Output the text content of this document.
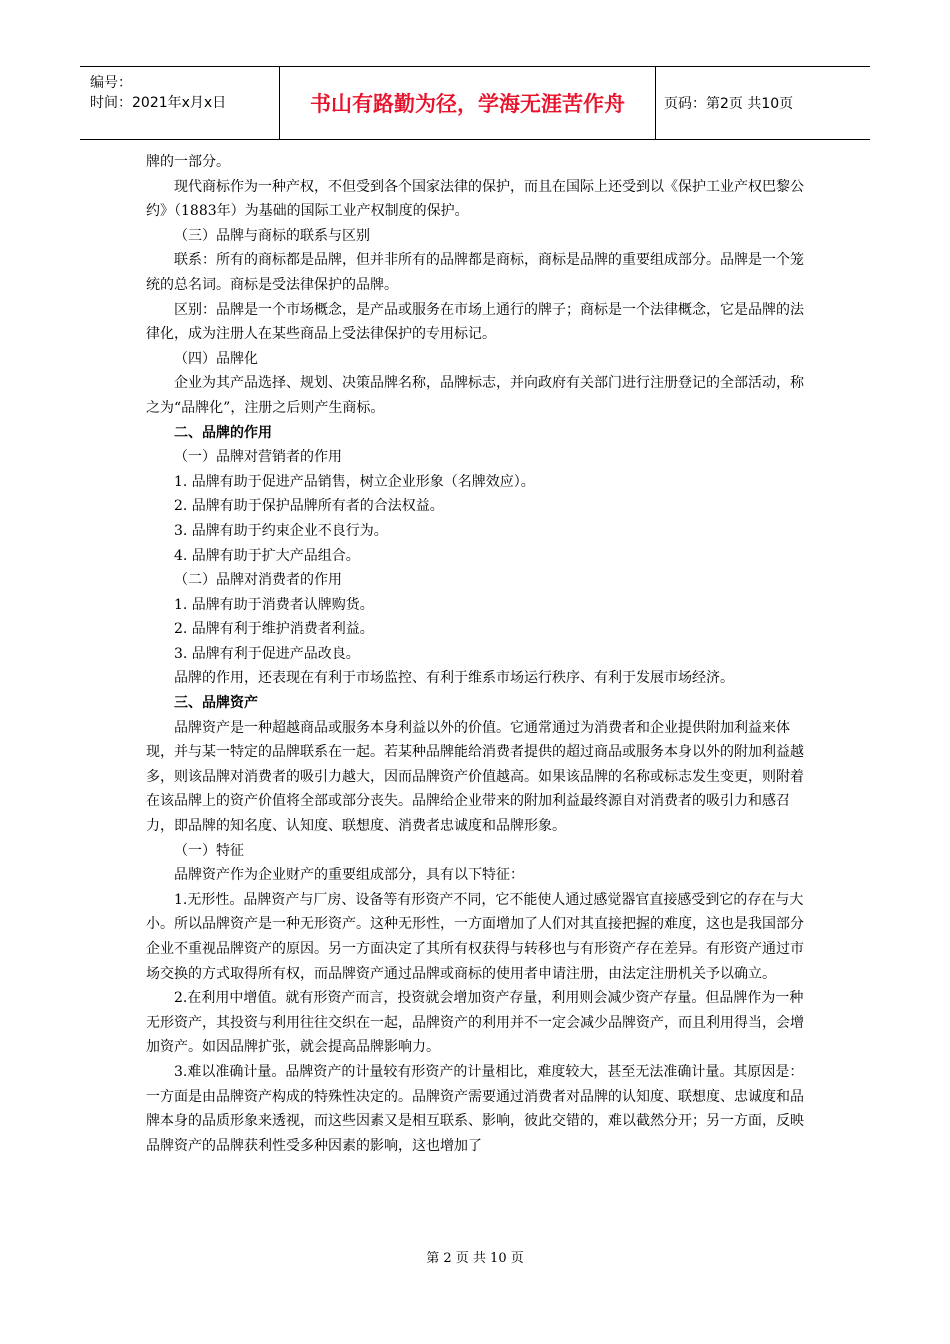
编号：
时间：2021年x月x日	书山有路勤为径，学海无涯苦作舟	页码：第2页 共10页

牌的一部分。

现代商标作为一种产权，不但受到各个国家法律的保护，而且在国际上还受到以《保护工业产权巴黎公约》（1883年）为基础的国际工业产权制度的保护。

（三）品牌与商标的联系与区别

联系：所有的商标都是品牌，但并非所有的品牌都是商标，商标是品牌的重要组成部分。品牌是一个笼统的总名词。商标是受法律保护的品牌。

区别：品牌是一个市场概念，是产品或服务在市场上通行的牌子；商标是一个法律概念，它是品牌的法律化，成为注册人在某些商品上受法律保护的专用标记。

（四）品牌化

企业为其产品选择、规划、决策品牌名称，品牌标志，并向政府有关部门进行注册登记的全部活动，称之为“品牌化”，注册之后则产生商标。

二、品牌的作用

（一）品牌对营销者的作用

1. 品牌有助于促进产品销售，树立企业形象（名牌效应）。

2. 品牌有助于保护品牌所有者的合法权益。

3. 品牌有助于约束企业不良行为。

4. 品牌有助于扩大产品组合。

（二）品牌对消费者的作用

1. 品牌有助于消费者认牌购货。

2. 品牌有利于维护消费者利益。

3. 品牌有利于促进产品改良。

品牌的作用，还表现在有利于市场监控、有利于维系市场运行秩序、有利于发展市场经济。

三、品牌资产

品牌资产是一种超越商品或服务本身利益以外的价值。它通常通过为消费者和企业提供附加利益来体现，并与某一特定的品牌联系在一起。若某种品牌能给消费者提供的超过商品或服务本身以外的附加利益越多，则该品牌对消费者的吸引力越大，因而品牌资产价值越高。如果该品牌的名称或标志发生变更，则附着在该品牌上的资产价值将全部或部分丧失。品牌给企业带来的附加利益最终源自对消费者的吸引力和感召力，即品牌的知名度、认知度、联想度、消费者忠诚度和品牌形象。

（一）特征

品牌资产作为企业财产的重要组成部分，具有以下特征：

1.无形性。品牌资产与厂房、设备等有形资产不同，它不能使人通过感觉器官直接感受到它的存在与大小。所以品牌资产是一种无形资产。这种无形性，一方面增加了人们对其直接把握的难度，这也是我国部分企业不重视品牌资产的原因。另一方面决定了其所有权获得与转移也与有形资产存在差异。有形资产通过市场交换的方式取得所有权，而品牌资产通过品牌或商标的使用者申请注册，由法定注册机关予以确立。

2.在利用中增值。就有形资产而言，投资就会增加资产存量，利用则会减少资产存量。但品牌作为一种无形资产，其投资与利用往往交织在一起，品牌资产的利用并不一定会减少品牌资产，而且利用得当，会增加资产。如因品牌扩张，就会提高品牌影响力。

3.难以准确计量。品牌资产的计量较有形资产的计量相比，难度较大，甚至无法准确计量。其原因是：一方面是由品牌资产构成的特殊性决定的。品牌资产需要通过消费者对品牌的认知度、联想度、忠诚度和品牌本身的品质形象来透视，而这些因素又是相互联系、影响，彼此交错的，难以截然分开；另一方面，反映品牌资产的品牌获利性受多种因素的影响，这也增加了

第 2 页 共 10 页
